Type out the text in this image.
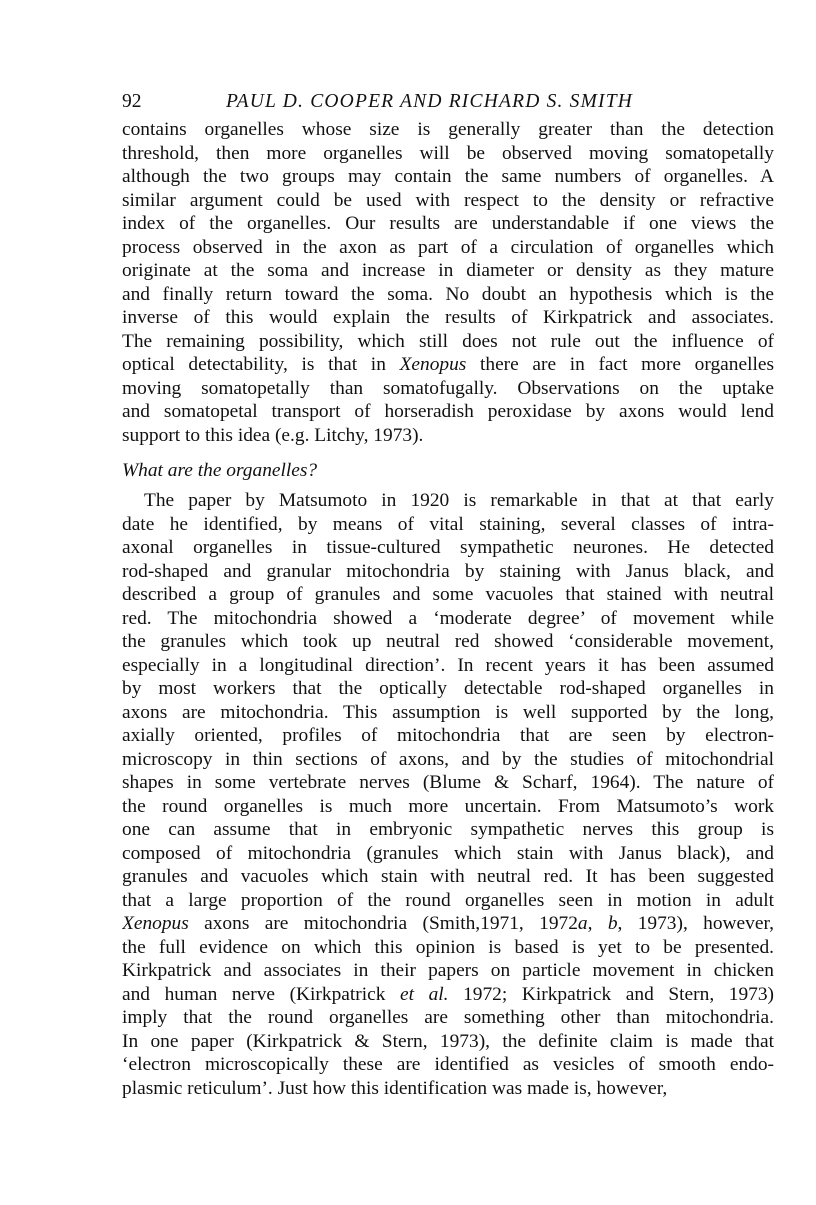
92	PAUL D. COOPER AND RICHARD S. SMITH
contains organelles whose size is generally greater than the detection
threshold, then more organelles will be observed moving somatopetally
although the two groups may contain the same numbers of organelles. A
similar argument could be used with respect to the density or refractive
index of the organelles. Our results are understandable if one views the
process observed in the axon as part of a circulation of organelles which
originate at the soma and increase in diameter or density as they mature
and finally return toward the soma. No doubt an hypothesis which is the
inverse of this would explain the results of Kirkpatrick and associates.
The remaining possibility, which still does not rule out the influence of
optical detectability, is that in Xenopus there are in fact more organelles
moving somatopetally than somatofugally. Observations on the uptake
and somatopetal transport of horseradish peroxidase by axons would lend
support to this idea (e.g. Litchy, 1973).
What are the organelles?
The paper by Matsumoto in 1920 is remarkable in that at that early
date he identified, by means of vital staining, several classes of intra-
axonal organelles in tissue-cultured sympathetic neurones. He detected
rod-shaped and granular mitochondria by staining with Janus black, and
described a group of granules and some vacuoles that stained with neutral
red. The mitochondria showed a ‘moderate degree’ of movement while
the granules which took up neutral red showed ‘considerable movement,
especially in a longitudinal direction’. In recent years it has been assumed
by most workers that the optically detectable rod-shaped organelles in
axons are mitochondria. This assumption is well supported by the long,
axially oriented, profiles of mitochondria that are seen by electron-
microscopy in thin sections of axons, and by the studies of mitochondrial
shapes in some vertebrate nerves (Blume & Scharf, 1964). The nature of
the round organelles is much more uncertain. From Matsumoto’s work
one can assume that in embryonic sympathetic nerves this group is
composed of mitochondria (granules which stain with Janus black), and
granules and vacuoles which stain with neutral red. It has been suggested
that a large proportion of the round organelles seen in motion in adult
Xenopus axons are mitochondria (Smith,1971, 1972a, b, 1973), however,
the full evidence on which this opinion is based is yet to be presented.
Kirkpatrick and associates in their papers on particle movement in chicken
and human nerve (Kirkpatrick et al. 1972; Kirkpatrick and Stern, 1973)
imply that the round organelles are something other than mitochondria.
In one paper (Kirkpatrick & Stern, 1973), the definite claim is made that
‘electron microscopically these are identified as vesicles of smooth endo-
plasmic reticulum’. Just how this identification was made is, however,
